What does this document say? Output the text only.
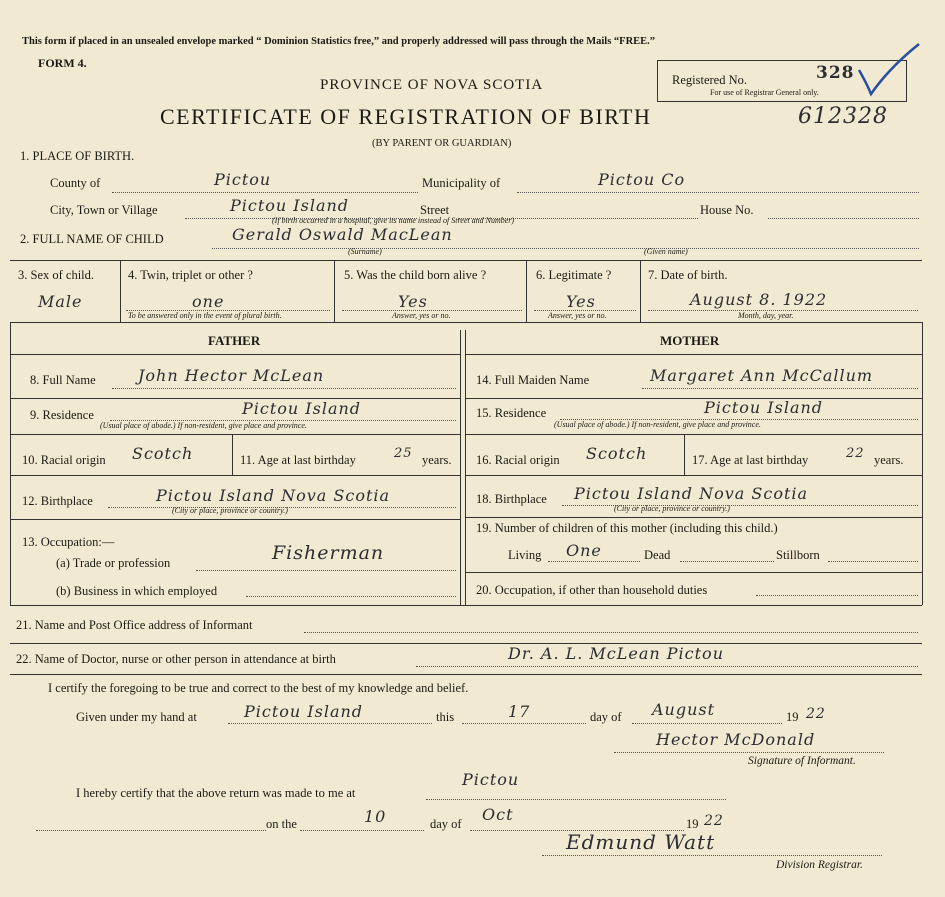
This form if placed in an unsealed envelope marked “ Dominion Statistics free,” and properly addressed will pass through the Mails “FREE.”
FORM 4.
PROVINCE OF NOVA SCOTIA
CERTIFICATE OF REGISTRATION OF BIRTH
(BY PARENT OR GUARDIAN)
Registered No.	328
For use of Registrar General only.
612328
1. PLACE OF BIRTH.
County of	Pictou	Municipality of	Pictou Co
City, Town or Village	Pictou Island	Street	House No.
(If birth occurred in a hospital, give its name instead of Street and Number)
2. FULL NAME OF CHILD	Gerald Oswald MacLean
(Surname)	(Given name)
3. Sex of child.
Male
4. Twin, triplet or other ?
one
To be answered only in the event of plural birth.
5. Was the child born alive ?
Yes
Answer, yes or no.
6. Legitimate ?
Yes
Answer, yes or no.
7. Date of birth.
August 8. 1922
Month, day, year.
FATHER	MOTHER
8. Full Name	John Hector McLean
9. Residence	Pictou Island
(Usual place of abode.) If non-resident, give place and province.
10. Racial origin Scotch	11. Age at last birthday	25 years.
12. Birthplace	Pictou Island Nova Scotia
(City or place, province or country.)
13. Occupation:—
(a) Trade or profession	Fisherman
(b) Business in which employed
14. Full Maiden Name	Margaret Ann McCallum
15. Residence	Pictou Island
(Usual place of abode.) If non-resident, give place and province.
16. Racial origin Scotch	17. Age at last birthday	22 years.
18. Birthplace Pictou Island Nova Scotia
(City or place, province or country.)
19. Number of children of this mother (including this child.)
Living One	Dead	Stillborn
20. Occupation, if other than household duties
21. Name and Post Office address of Informant
22. Name of Doctor, nurse or other person in attendance at birth	Dr. A. L. McLean Pictou
I certify the foregoing to be true and correct to the best of my knowledge and belief.
Given under my hand at	Pictou Island	this	17	day of August	19 22
Hector McDonald
Signature of Informant.
I hereby certify that the above return was made to me at
Pictou
on the	10	day of Oct	19 22
Edmund Watt
Division Registrar.
